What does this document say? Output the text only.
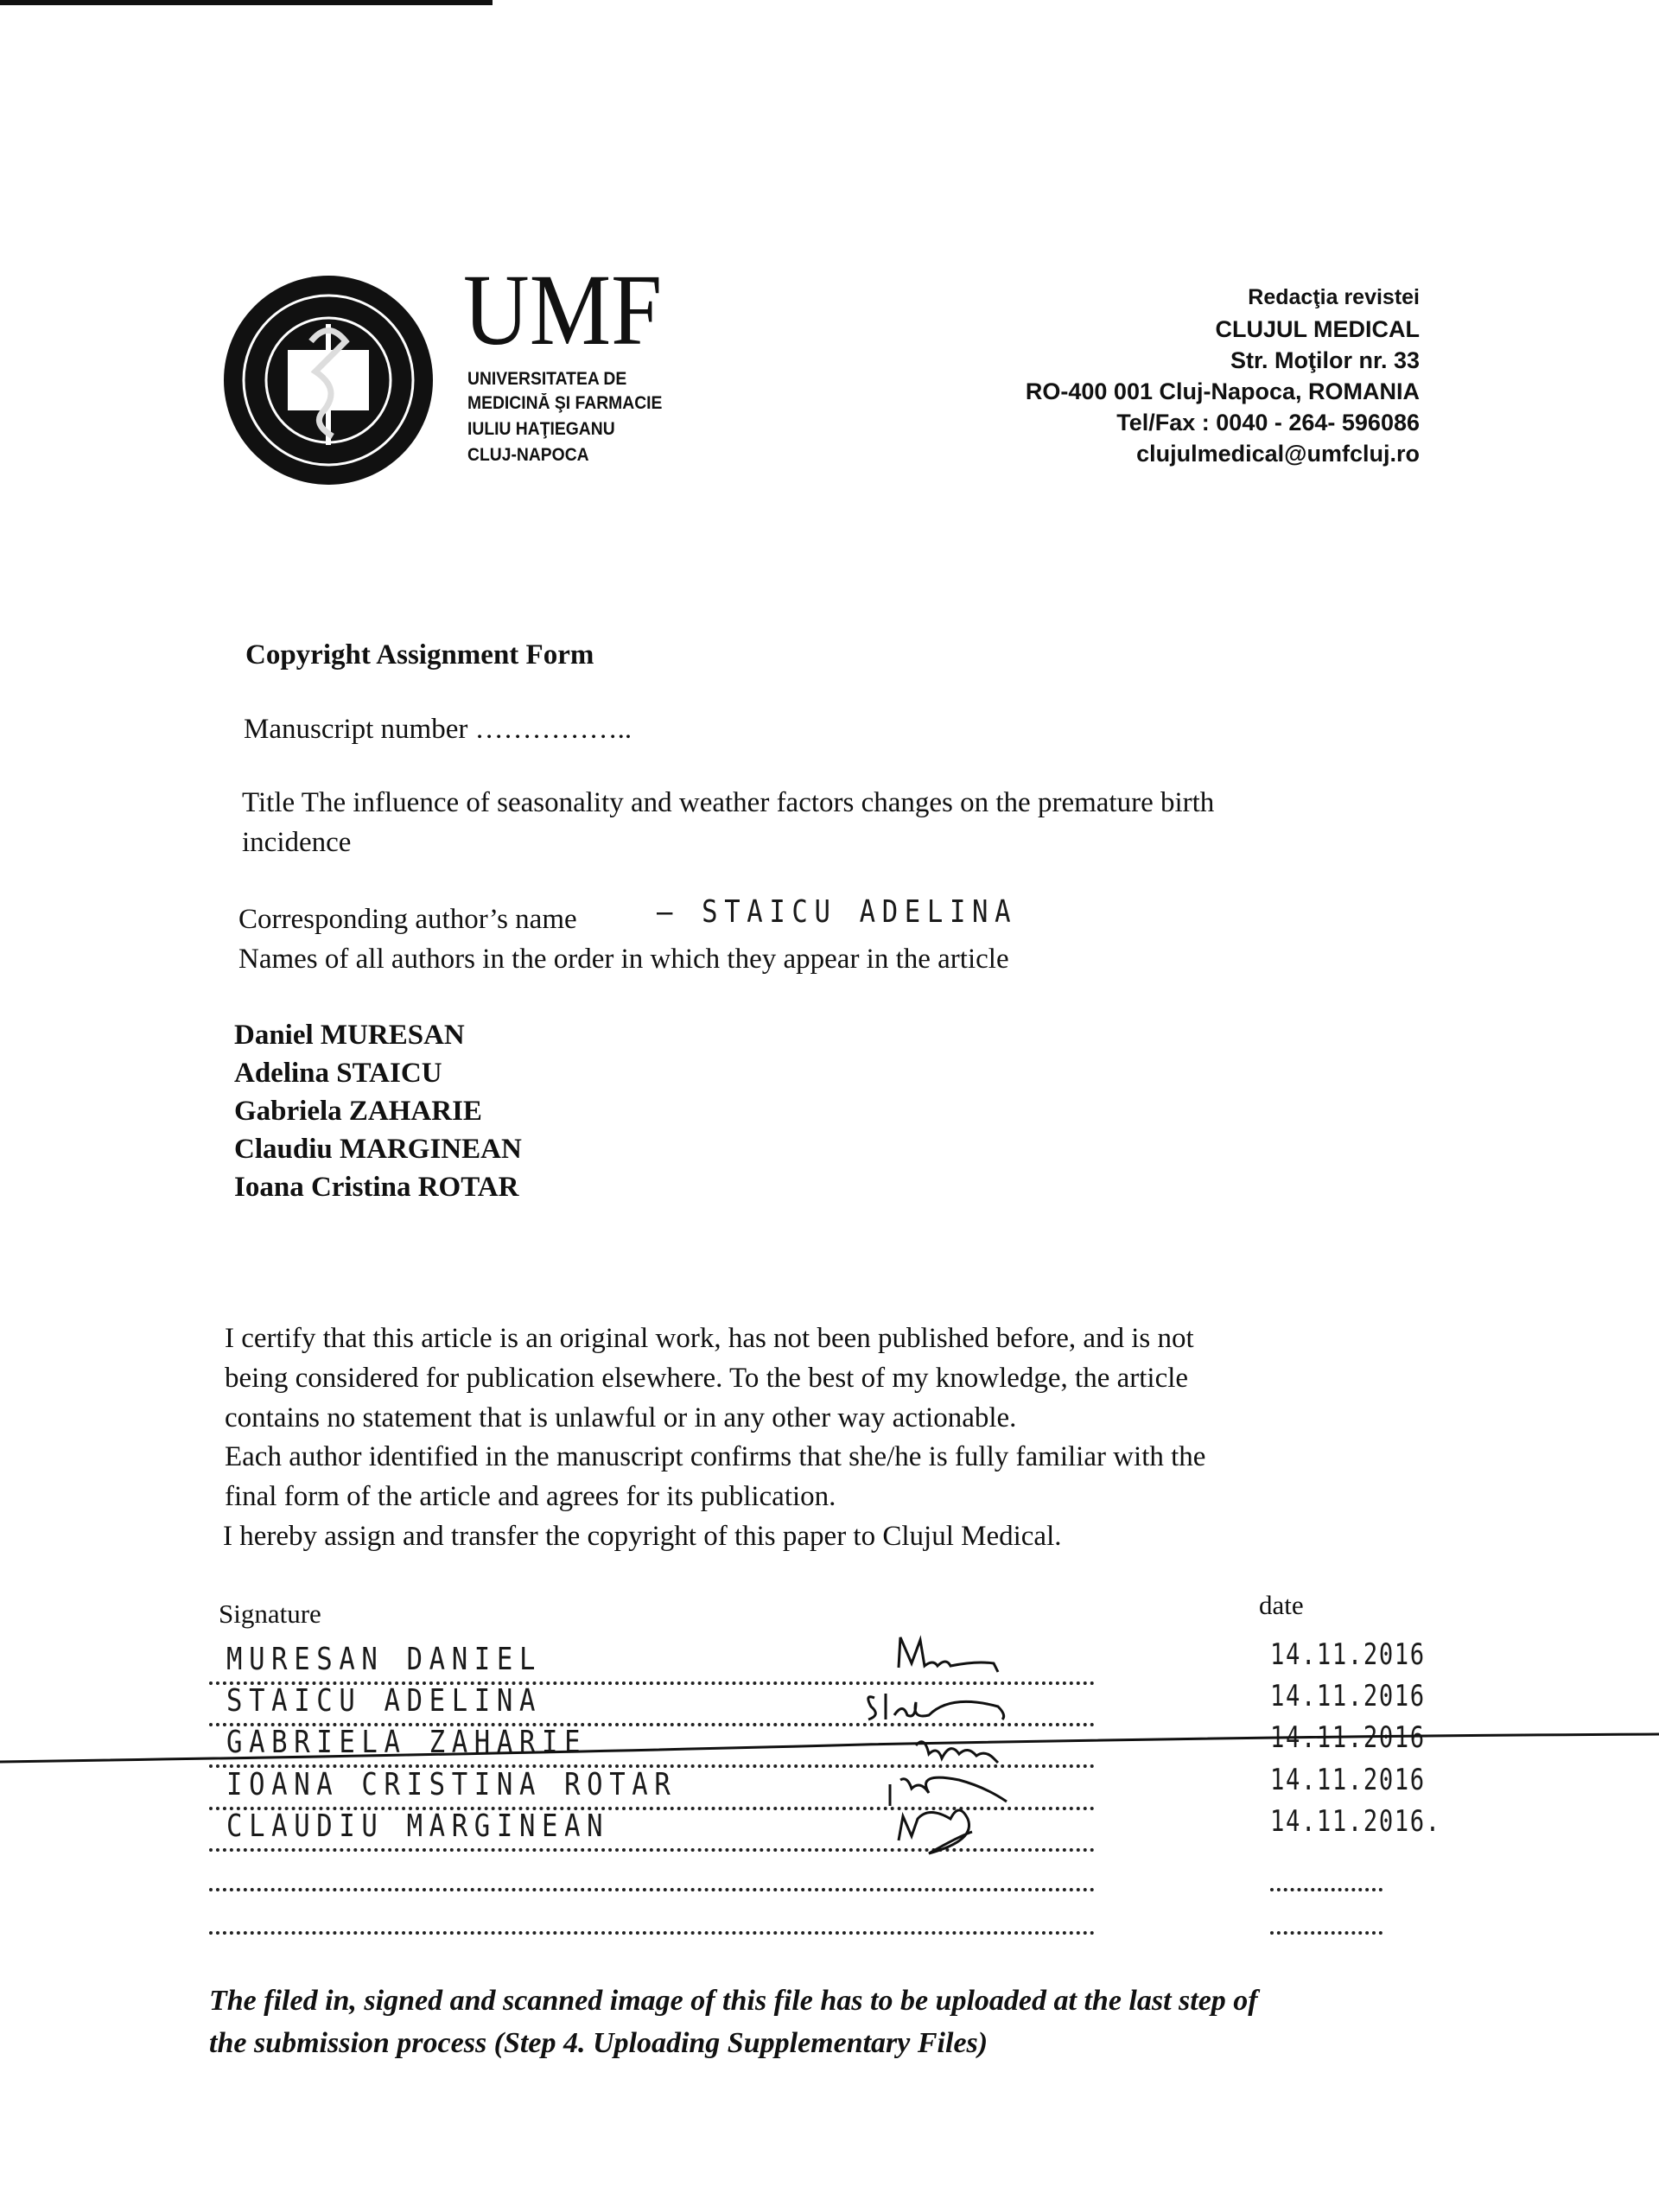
UMF
UNIVERSITATEA DE
MEDICINĂ ŞI FARMACIE
IULIU HAŢIEGANU
CLUJ-NAPOCA
Redacţia revistei
CLUJUL MEDICAL
Str. Moţilor nr. 33
RO-400 001 Cluj-Napoca, ROMANIA
Tel/Fax : 0040 - 264- 596086
clujulmedical@umfcluj.ro
Copyright Assignment Form
Manuscript number ……………..
Title The influence of seasonality and weather factors changes on the premature birth
incidence
Corresponding author’s name	— STAICU ADELINA
Names of all authors in the order in which they appear in the article
Daniel MURESAN
Adelina STAICU
Gabriela ZAHARIE
Claudiu MARGINEAN
Ioana Cristina ROTAR
I certify that this article is an original work, has not been published before, and is not
being considered for publication elsewhere. To the best of my knowledge, the article
contains no statement that is unlawful or in any other way actionable.
Each author identified in the manuscript confirms that she/he is fully familiar with the
final form of the article and agrees for its publication.
I hereby assign and transfer the copyright of this paper to Clujul Medical.
Signature	date
MURESAN DANIEL
STAICU ADELINA
GABRIELA ZAHARIE
IOANA CRISTINA ROTAR
CLAUDIU MARGINEAN
14.11.2016
14.11.2016
14.11.2016
14.11.2016
14.11.2016.
The filed in, signed and scanned image of this file has to be uploaded at the last step of
the submission process (Step 4. Uploading Supplementary Files)
